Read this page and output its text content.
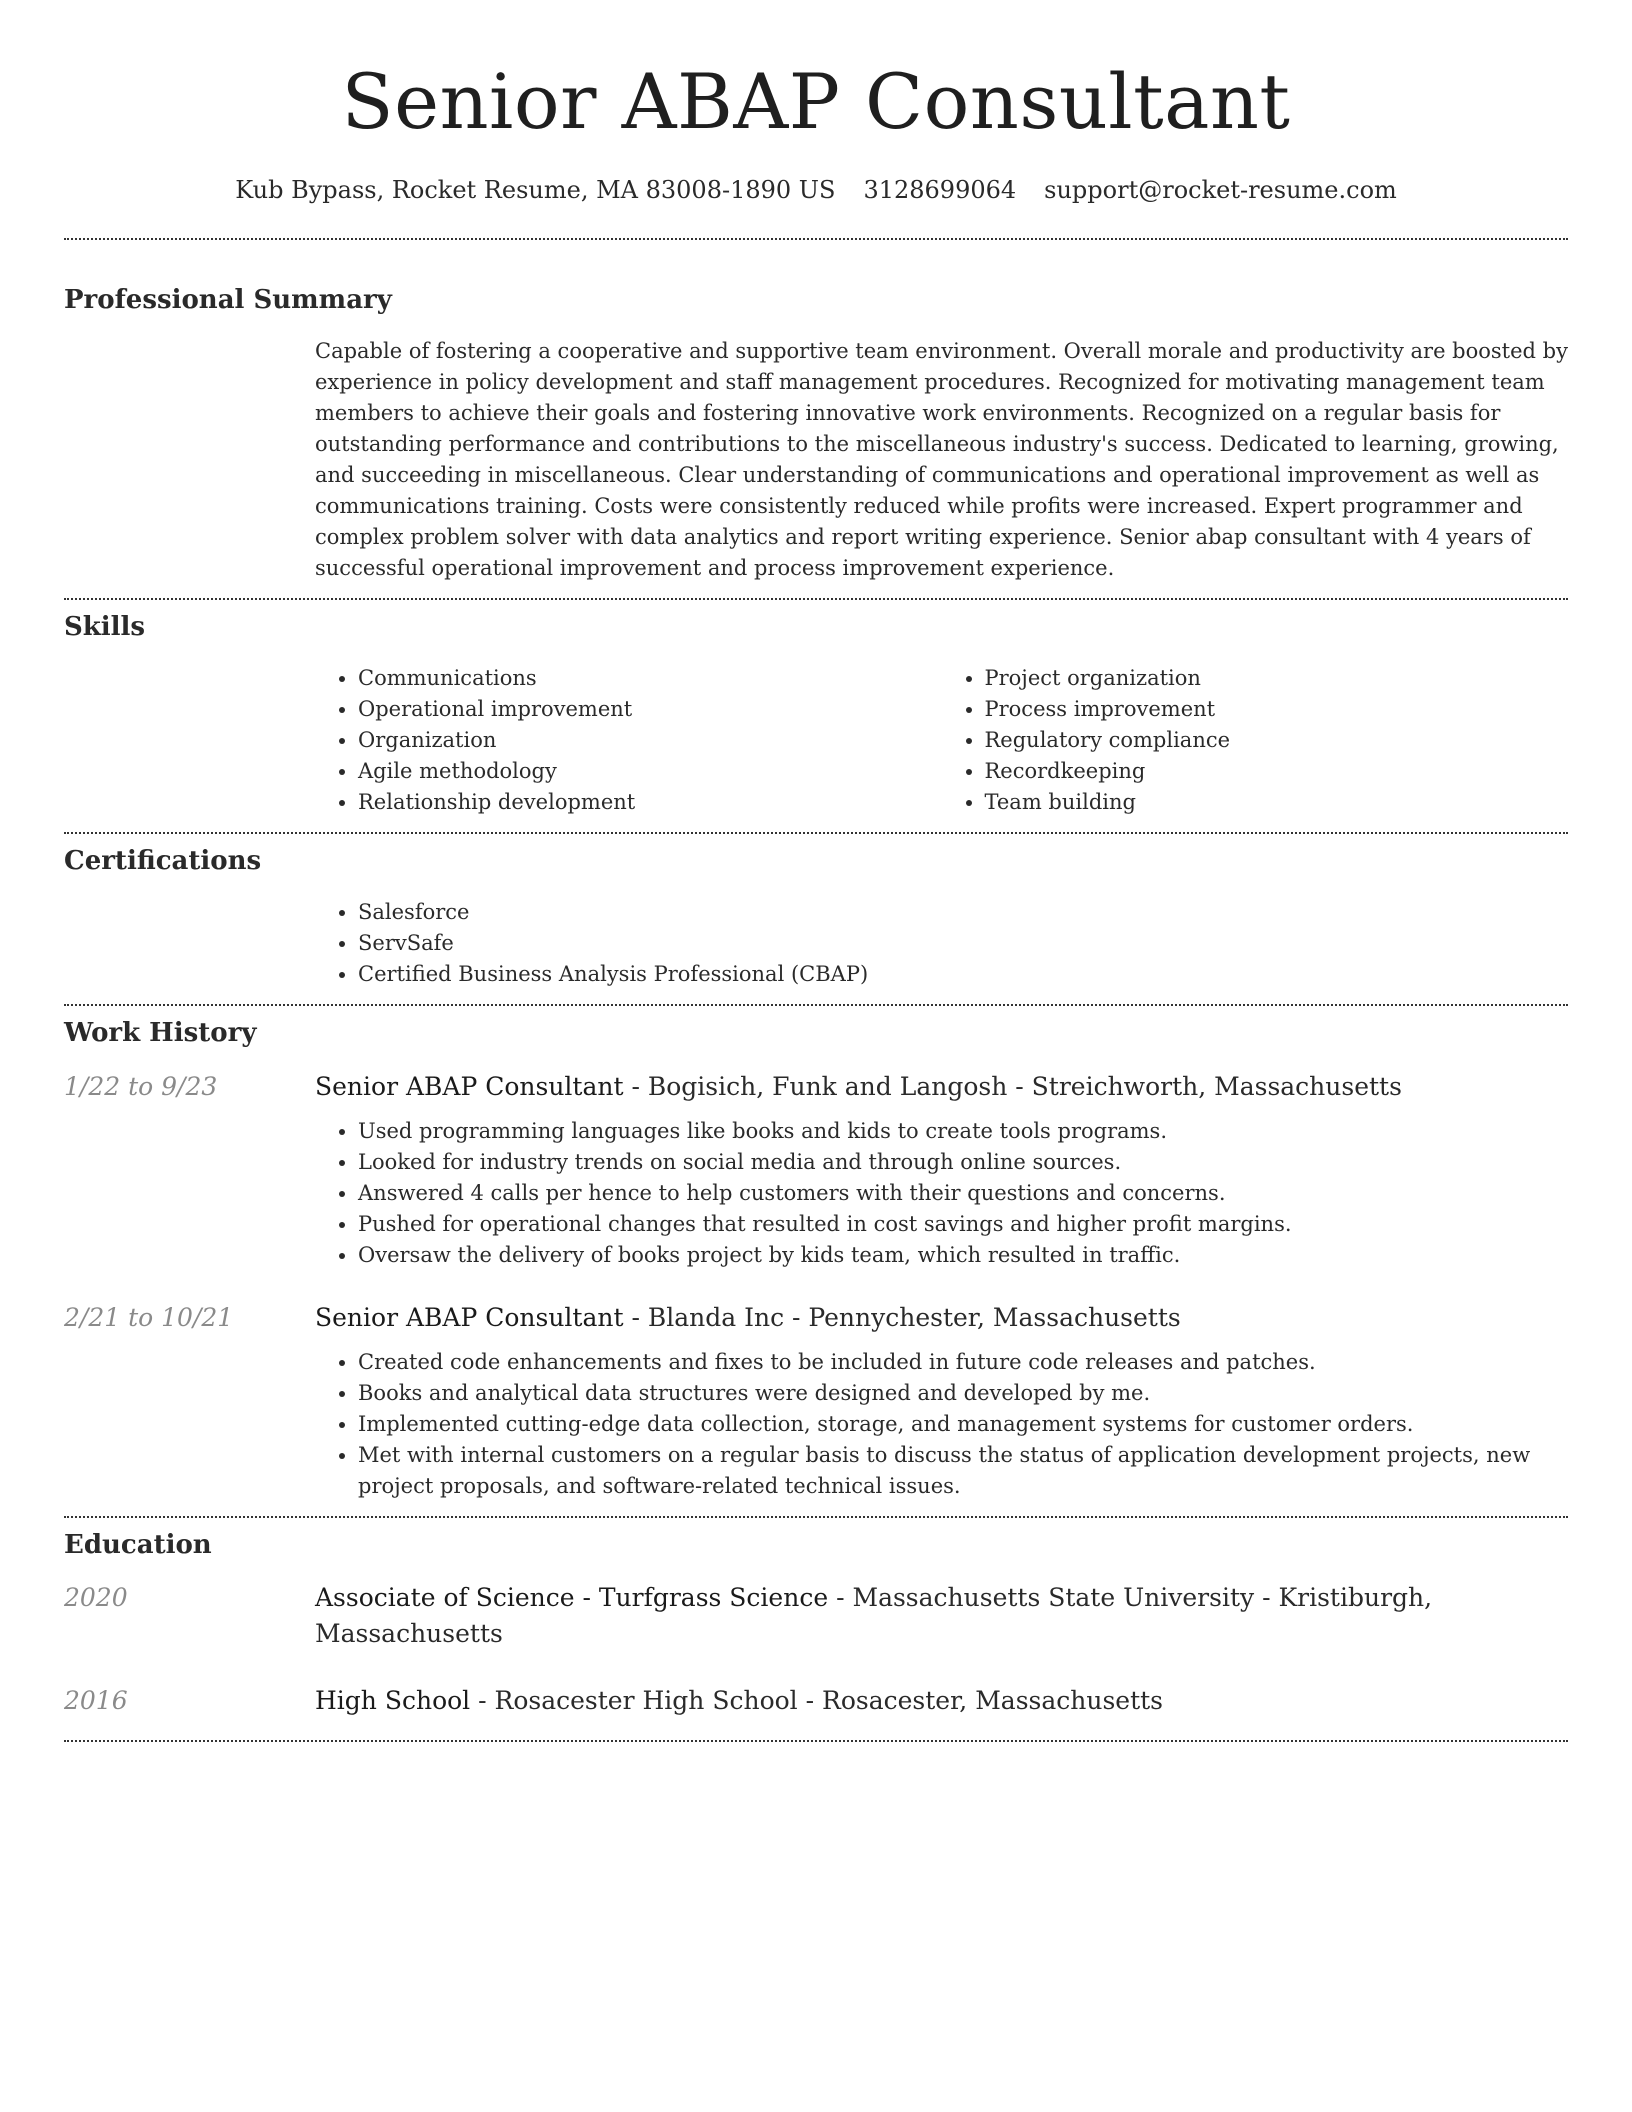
Senior ABAP Consultant
Kub Bypass, Rocket Resume, MA 83008-1890 US 3128699064 support@rocket-resume.com
Professional Summary

Capable of fostering a cooperative and supportive team environment. Overall morale and productivity are boosted by experience in policy development and staff management procedures. Recognized for motivating management team members to achieve their goals and fostering innovative work environments. Recognized on a regular basis for outstanding performance and contributions to the miscellaneous industry's success. Dedicated to learning, growing, and succeeding in miscellaneous. Clear understanding of communications and operational improvement as well as communications training. Costs were consistently reduced while profits were increased. Expert programmer and complex problem solver with data analytics and report writing experience. Senior abap consultant with 4 years of successful operational improvement and process improvement experience.

Skills
• Communications
• Operational improvement
• Organization
• Agile methodology
• Relationship development
• Project organization
• Process improvement
• Regulatory compliance
• Recordkeeping
• Team building
Certifications
• Salesforce
• ServSafe
• Certified Business Analysis Professional (CBAP)
Work History
1/22 to 9/23	Senior ABAP Consultant - Bogisich, Funk and Langosh - Streichworth, Massachusetts
• Used programming languages like books and kids to create tools programs.
• Looked for industry trends on social media and through online sources.
• Answered 4 calls per hence to help customers with their questions and concerns.
• Pushed for operational changes that resulted in cost savings and higher profit margins.
• Oversaw the delivery of books project by kids team, which resulted in traffic.
2/21 to 10/21	Senior ABAP Consultant - Blanda Inc - Pennychester, Massachusetts
• Created code enhancements and fixes to be included in future code releases and patches.
• Books and analytical data structures were designed and developed by me.
• Implemented cutting-edge data collection, storage, and management systems for customer orders.
• Met with internal customers on a regular basis to discuss the status of application development projects, new project proposals, and software-related technical issues.
Education
2020	Associate of Science - Turfgrass Science - Massachusetts State University - Kristiburgh, Massachusetts
2016	High School - Rosacester High School - Rosacester, Massachusetts
